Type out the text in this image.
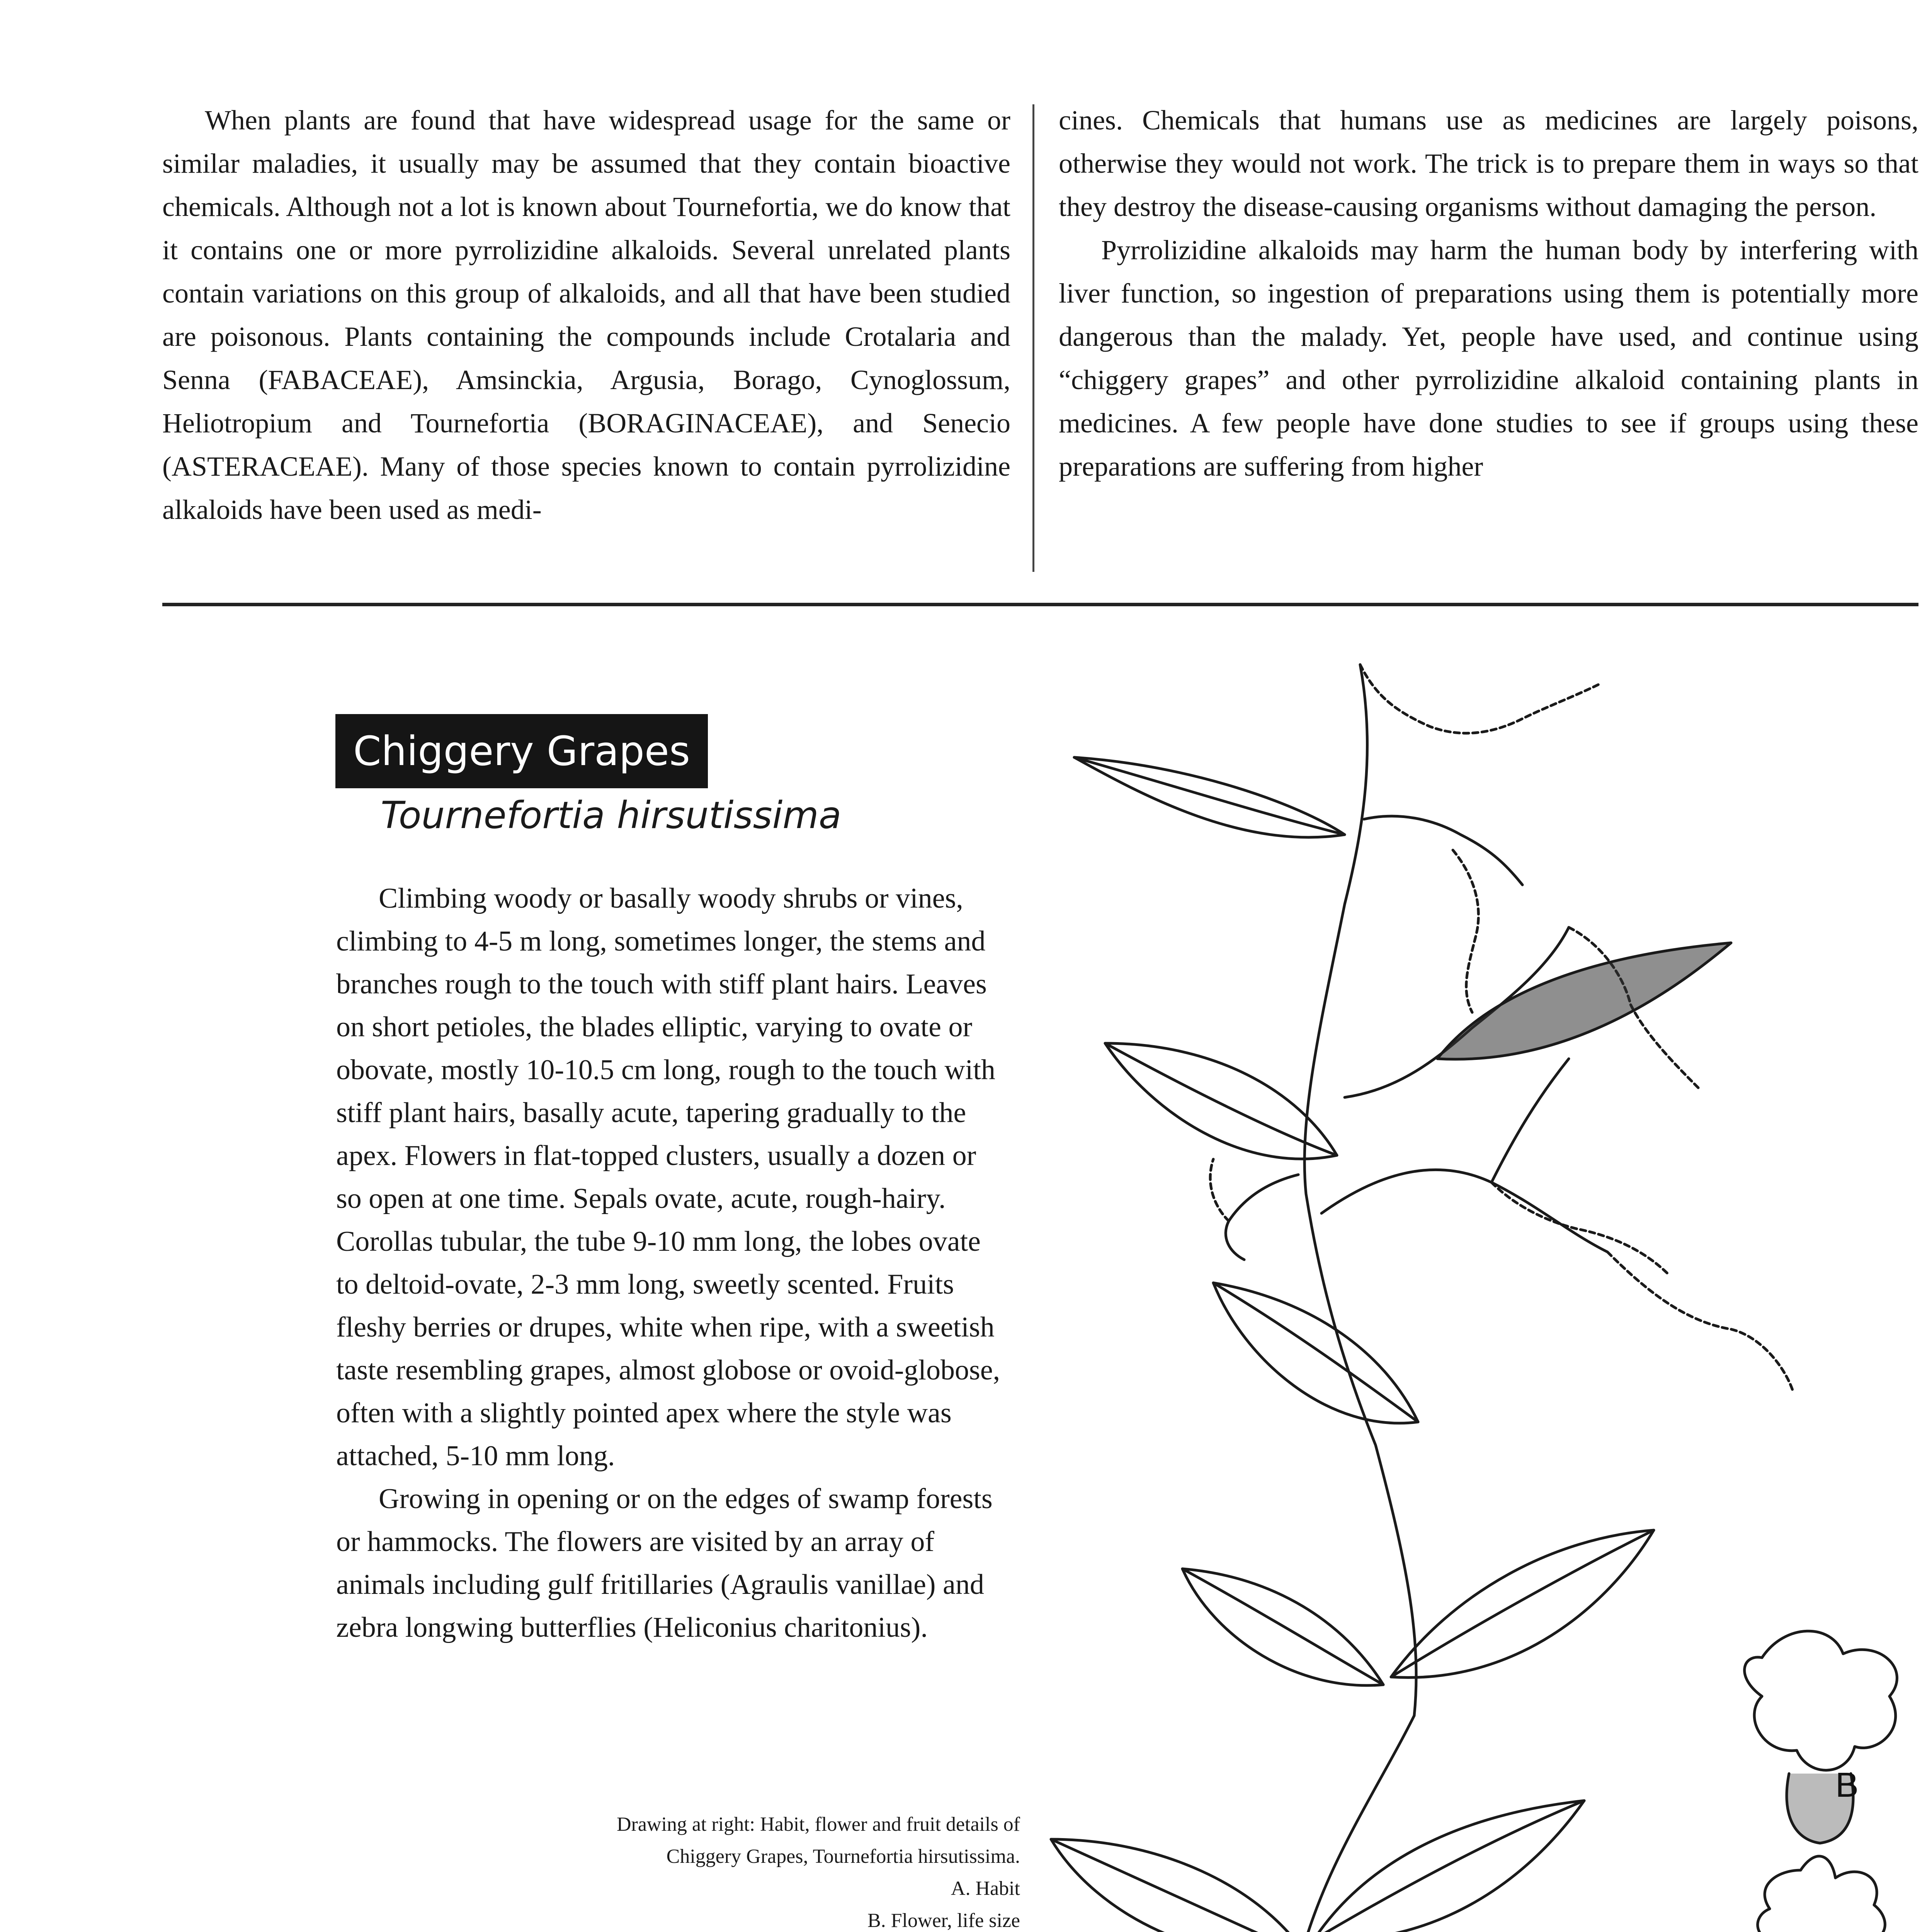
When plants are found that have widespread usage for the same or similar maladies, it usually may be assumed that they contain bioactive chemicals. Although not a lot is known about Tournefortia, we do know that it contains one or more pyrrolizidine alkaloids. Several unrelated plants contain variations on this group of alkaloids, and all that have been studied are poisonous. Plants containing the compounds include Crotalaria and Senna (FABACEAE), Amsinckia, Argusia, Borago, Cynoglossum, Heliotropium and Tournefortia (BORAGINACEAE), and Senecio (ASTERACEAE). Many of those species known to contain pyrrolizidine alkaloids have been used as medi-

cines. Chemicals that humans use as medicines are largely poisons, otherwise they would not work. The trick is to prepare them in ways so that they destroy the disease-causing organisms without damaging the person.

Pyrrolizidine alkaloids may harm the human body by interfering with liver function, so ingestion of preparations using them is potentially more dangerous than the malady. Yet, people have used, and continue using “chiggery grapes” and other pyrrolizidine alkaloid containing plants in medicines. A few people have done studies to see if groups using these preparations are suffering from higher

Chiggery Grapes
Tournefortia hirsutissima

Climbing woody or basally woody shrubs or vines, climbing to 4-5 m long, sometimes longer, the stems and branches rough to the touch with stiff plant hairs. Leaves on short petioles, the blades elliptic, varying to ovate or obovate, mostly 10-10.5 cm long, rough to the touch with stiff plant hairs, basally acute, tapering gradually to the apex. Flowers in flat-topped clusters, usually a dozen or so open at one time. Sepals ovate, acute, rough-hairy. Corollas tubular, the tube 9-10 mm long, the lobes ovate to deltoid-ovate, 2-3 mm long, sweetly scented. Fruits fleshy berries or drupes, white when ripe, with a sweetish taste resembling grapes, almost globose or ovoid-globose, often with a slightly pointed apex where the style was attached, 5-10 mm long.

Growing in opening or on the edges of swamp forests or hammocks. The flowers are visited by an array of animals including gulf fritillaries (Agraulis vanillae) and zebra longwing butterflies (Heliconius charitonius).

Drawing at right: Habit, flower and fruit details of
Chiggery Grapes, Tournefortia hirsutissima.
A. Habit
B. Flower, life size
B
